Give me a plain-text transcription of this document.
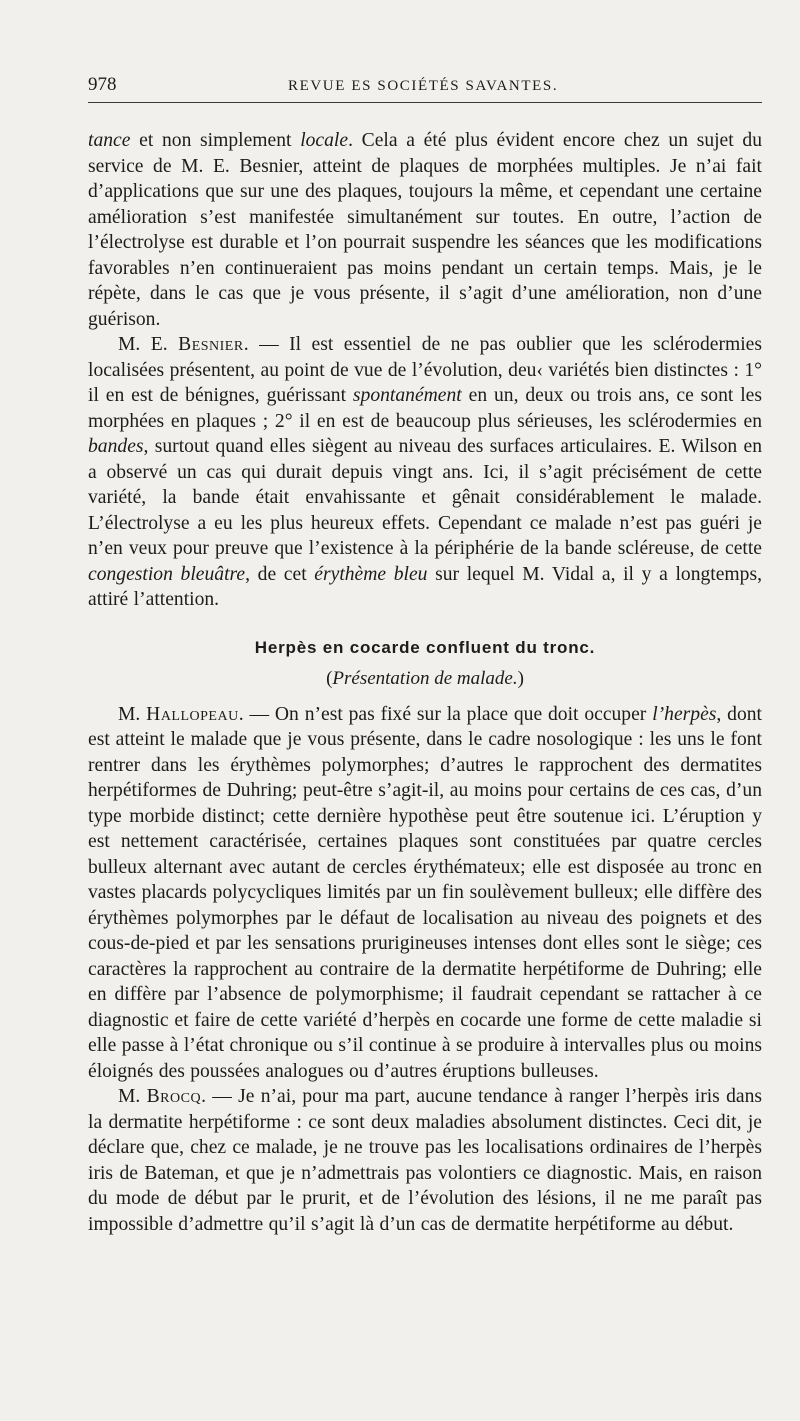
978	REVUE ES SOCIÉTÉS SAVANTES.

tance et non simplement locale. Cela a été plus évident encore chez un sujet du service de M. E. Besnier, atteint de plaques de morphées multiples. Je n’ai fait d’applications que sur une des plaques, toujours la même, et cependant une certaine amélioration s’est manifestée simultanément sur toutes. En outre, l’action de l’électrolyse est durable et l’on pourrait suspendre les séances que les modifications favorables n’en continueraient pas moins pendant un certain temps. Mais, je le répète, dans le cas que je vous présente, il s’agit d’une amélioration, non d’une guérison.

M. E. Besnier. — Il est essentiel de ne pas oublier que les sclérodermies localisées présentent, au point de vue de l’évolution, deu‹ variétés bien distinctes : 1° il en est de bénignes, guérissant spontanément en un, deux ou trois ans, ce sont les morphées en plaques ; 2° il en est de beaucoup plus sérieuses, les sclérodermies en bandes, surtout quand elles siègent au niveau des surfaces articulaires. E. Wilson en a observé un cas qui durait depuis vingt ans. Ici, il s’agit précisément de cette variété, la bande était envahissante et gênait considérablement le malade. L’électrolyse a eu les plus heureux effets. Cependant ce malade n’est pas guéri je n’en veux pour preuve que l’existence à la périphérie de la bande scléreuse, de cette congestion bleuâtre, de cet érythème bleu sur lequel M. Vidal a, il y a longtemps, attiré l’attention.

Herpès en cocarde confluent du tronc.
(Présentation de malade.)

M. Hallopeau. — On n’est pas fixé sur la place que doit occuper l’herpès, dont est atteint le malade que je vous présente, dans le cadre nosologique : les uns le font rentrer dans les érythèmes polymorphes; d’autres le rapprochent des dermatites herpétiformes de Duhring; peut-être s’agit-il, au moins pour certains de ces cas, d’un type morbide distinct; cette dernière hypothèse peut être soutenue ici. L’éruption y est nettement caractérisée, certaines plaques sont constituées par quatre cercles bulleux alternant avec autant de cercles érythémateux; elle est disposée au tronc en vastes placards polycycliques limités par un fin soulèvement bulleux; elle diffère des érythèmes polymorphes par le défaut de localisation au niveau des poignets et des cous-de-pied et par les sensations prurigineuses intenses dont elles sont le siège; ces caractères la rapprochent au contraire de la dermatite herpétiforme de Duhring; elle en diffère par l’absence de polymorphisme; il faudrait cependant se rattacher à ce diagnostic et faire de cette variété d’herpès en cocarde une forme de cette maladie si elle passe à l’état chronique ou s’il continue à se produire à intervalles plus ou moins éloignés des poussées analogues ou d’autres éruptions bulleuses.

M. Brocq. — Je n’ai, pour ma part, aucune tendance à ranger l’herpès iris dans la dermatite herpétiforme : ce sont deux maladies absolument distinctes. Ceci dit, je déclare que, chez ce malade, je ne trouve pas les localisations ordinaires de l’herpès iris de Bateman, et que je n’admettrais pas volontiers ce diagnostic. Mais, en raison du mode de début par le prurit, et de l’évolution des lésions, il ne me paraît pas impossible d’admettre qu’il s’agit là d’un cas de dermatite herpétiforme au début.
